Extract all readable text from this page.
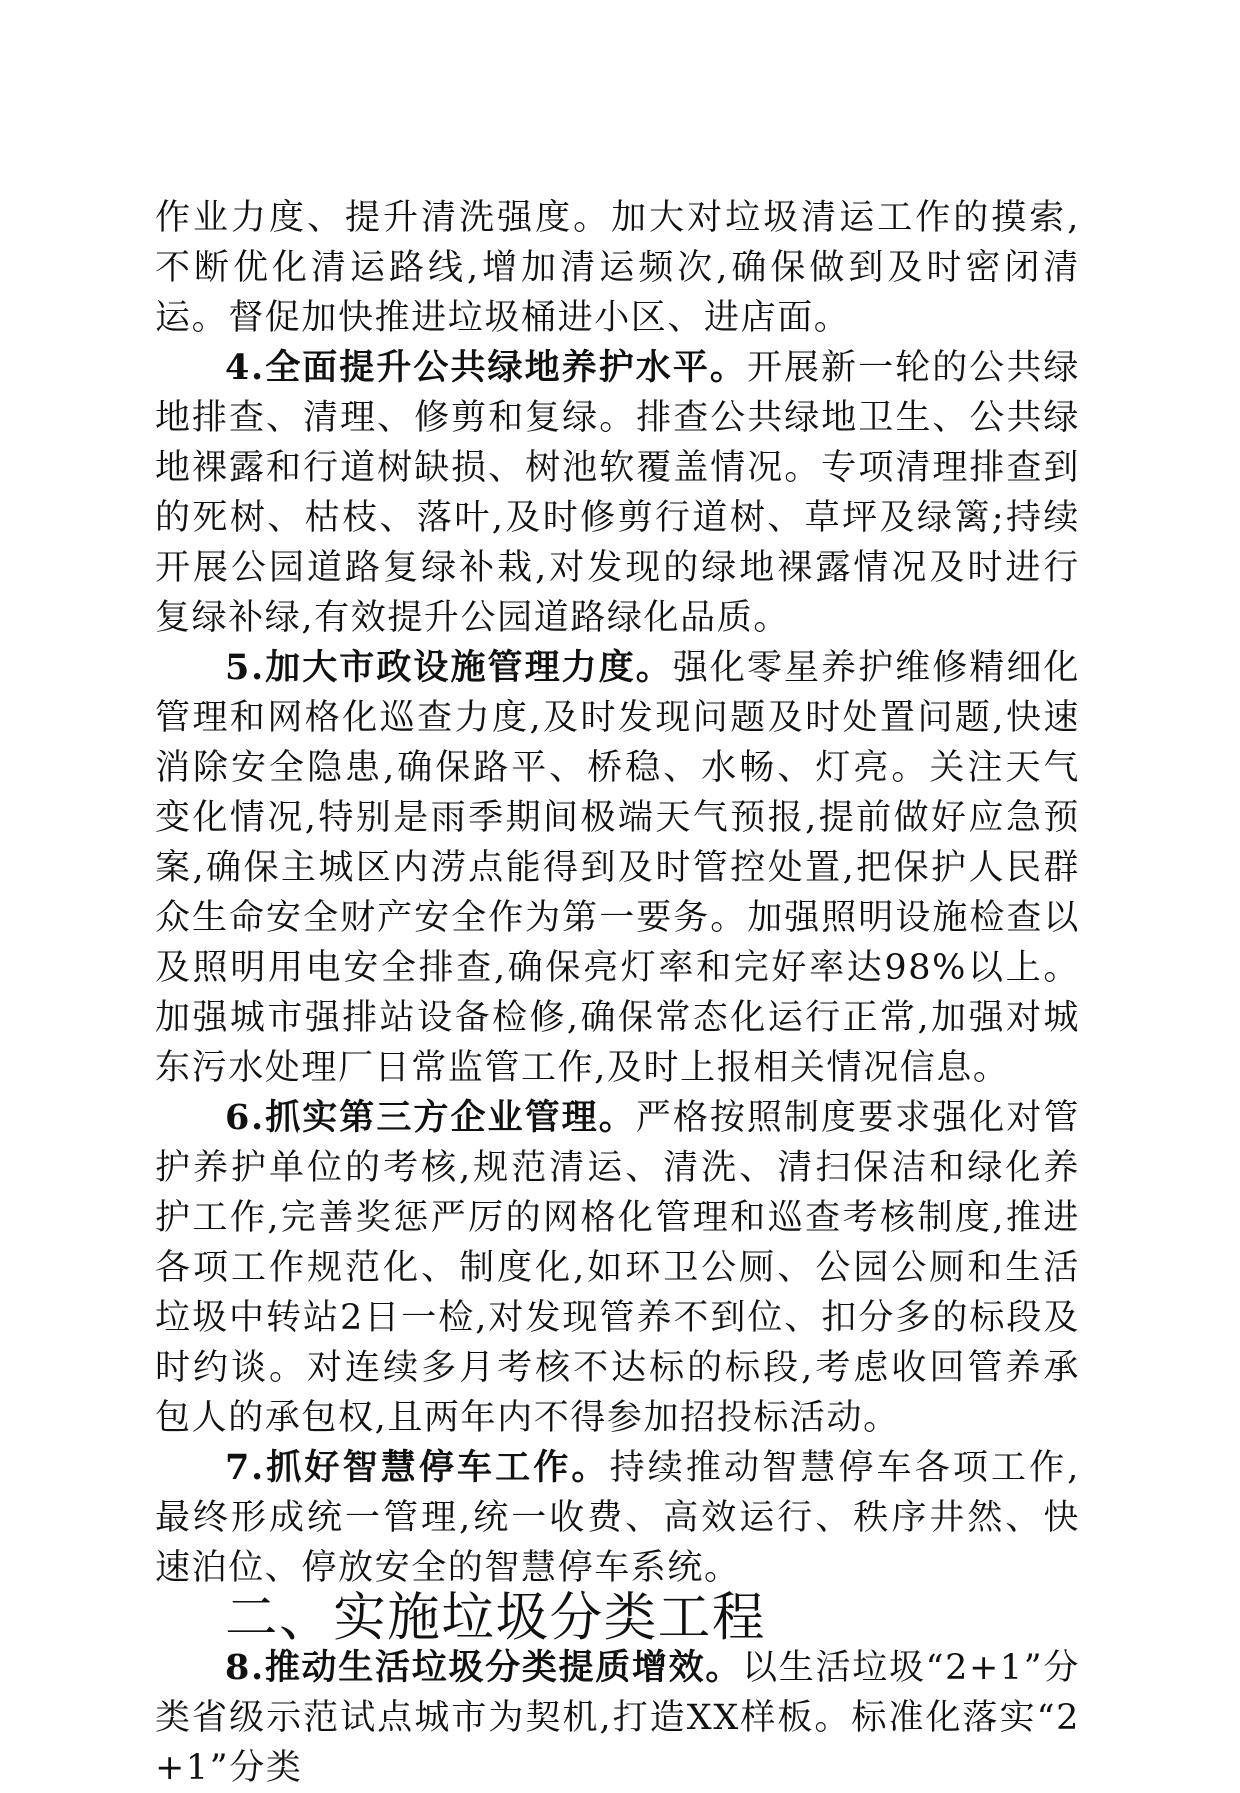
作业力度、提升清洗强度。加大对垃圾清运工作的摸索,不断优化清运路线,增加清运频次,确保做到及时密闭清运。督促加快推进垃圾桶进小区、进店面。

4.全面提升公共绿地养护水平。开展新一轮的公共绿地排查、清理、修剪和复绿。排查公共绿地卫生、公共绿地裸露和行道树缺损、树池软覆盖情况。专项清理排查到的死树、枯枝、落叶,及时修剪行道树、草坪及绿篱;持续开展公园道路复绿补栽,对发现的绿地裸露情况及时进行复绿补绿,有效提升公园道路绿化品质。

5.加大市政设施管理力度。强化零星养护维修精细化管理和网格化巡查力度,及时发现问题及时处置问题,快速消除安全隐患,确保路平、桥稳、水畅、灯亮。关注天气变化情况,特别是雨季期间极端天气预报,提前做好应急预案,确保主城区内涝点能得到及时管控处置,把保护人民群众生命安全财产安全作为第一要务。加强照明设施检查以及照明用电安全排查,确保亮灯率和完好率达98%以上。加强城市强排站设备检修,确保常态化运行正常,加强对城东污水处理厂日常监管工作,及时上报相关情况信息。

6.抓实第三方企业管理。严格按照制度要求强化对管护养护单位的考核,规范清运、清洗、清扫保洁和绿化养护工作,完善奖惩严厉的网格化管理和巡查考核制度,推进各项工作规范化、制度化,如环卫公厕、公园公厕和生活垃圾中转站2日一检,对发现管养不到位、扣分多的标段及时约谈。对连续多月考核不达标的标段,考虑收回管养承包人的承包权,且两年内不得参加招投标活动。

7.抓好智慧停车工作。持续推动智慧停车各项工作,最终形成统一管理,统一收费、高效运行、秩序井然、快速泊位、停放安全的智慧停车系统。

二、实施垃圾分类工程

8.推动生活垃圾分类提质增效。以生活垃圾“2+1”分类省级示范试点城市为契机,打造XX样板。标准化落实“2+1”分类
